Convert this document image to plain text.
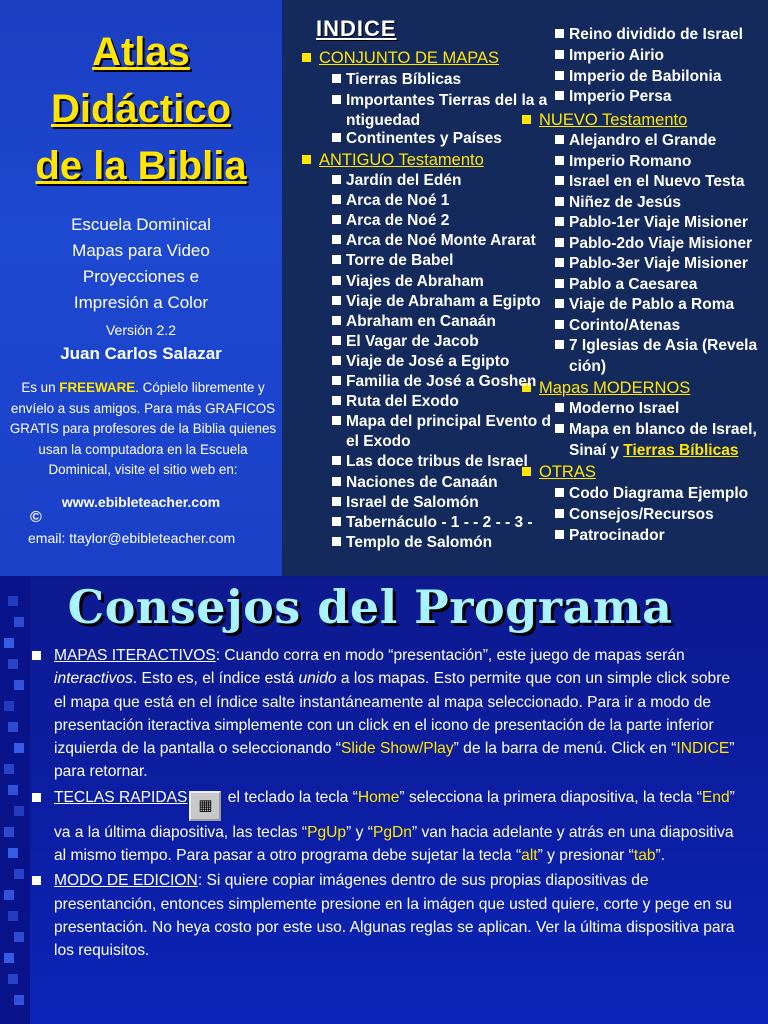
Atlas
Didáctico
de la Biblia
Escuela Dominical
Mapas para Video
Proyecciones e
Impresión a Color
Versión 2.2
Juan Carlos Salazar
Es un FREEWARE. Cópielo libremente y envíelo a sus amigos. Para más GRAFICOS GRATIS para profesores de la Biblia quienes usan la computadora en la Escuela Dominical, visite el sitio web en:
www.ebibleteacher.com
©
email: ttaylor@ebibleteacher.com
INDICE
CONJUNTO DE MAPAS
Tierras Bíblicas
Importantes Tierras del la a
ntiguedad
Continentes y Países
ANTIGUO Testamento
NUEVO Testamento
Mapas MODERNOS
Moderno Israel
Mapa en blanco de Israel,
Sinaí y Tierras Bíblicas
OTRAS
Jardín del Edén
Arca de Noé 1
Arca de Noé 2
Arca de Noé Monte Ararat
Torre de Babel
Viajes de Abraham
Viaje de Abraham a Egipto
Abraham en Canaán
El Vagar de Jacob
Viaje de José a Egipto
Familia de José a Goshen
Ruta del Exodo
Mapa del principal Evento d
el Exodo
Las doce tribus de Israel
Naciones de Canaán
Israel de Salomón
Tabernáculo - 1 - - 2 - - 3 -
Templo de Salomón
Reino dividido de Israel
Imperio Airio
Imperio de Babilonia
Imperio Persa
Alejandro el Grande
Imperio Romano
Israel en el Nuevo Testa
Niñez de Jesús
Pablo-1er Viaje Misioner
Pablo-2do Viaje Misioner
Pablo-3er Viaje Misioner
Pablo a Caesarea
Viaje de Pablo a Roma
Corinto/Atenas
7 Iglesias de Asia (Revela
ción)
Codo Diagrama Ejemplo
Consejos/Recursos
Patrocinador
Consejos del Programa
MAPAS ITERACTIVOS: Cuando corra en modo “presentación”, este juego de mapas serán interactivos. Esto es, el índice está unido a los mapas. Esto permite que con un simple click sobre el mapa que está en el índice salte instantáneamente al mapa seleccionado. Para ir a modo de presentación iteractiva simplemente con un click en el icono de presentación de la parte inferior izquierda de la pantalla o seleccionando “Slide Show/Play” de la barra de menú. Click en “INDICE” para retornar.
TECLAS RAPIDAS ▦ el teclado la tecla “Home” selecciona la primera diapositiva, la tecla “End” va a la última diapositiva, las teclas “PgUp” y “PgDn” van hacia adelante y atrás en una diapositiva al mismo tiempo. Para pasar a otro programa debe sujetar la tecla “alt” y presionar “tab”.
MODO DE EDICION: Si quiere copiar imágenes dentro de sus propias diapositivas de presentanción, entonces simplemente presione en la imágen que usted quiere, corte y pege en su presentación. No heya costo por este uso. Algunas reglas se aplican. Ver la última dispositiva para los requisitos.
